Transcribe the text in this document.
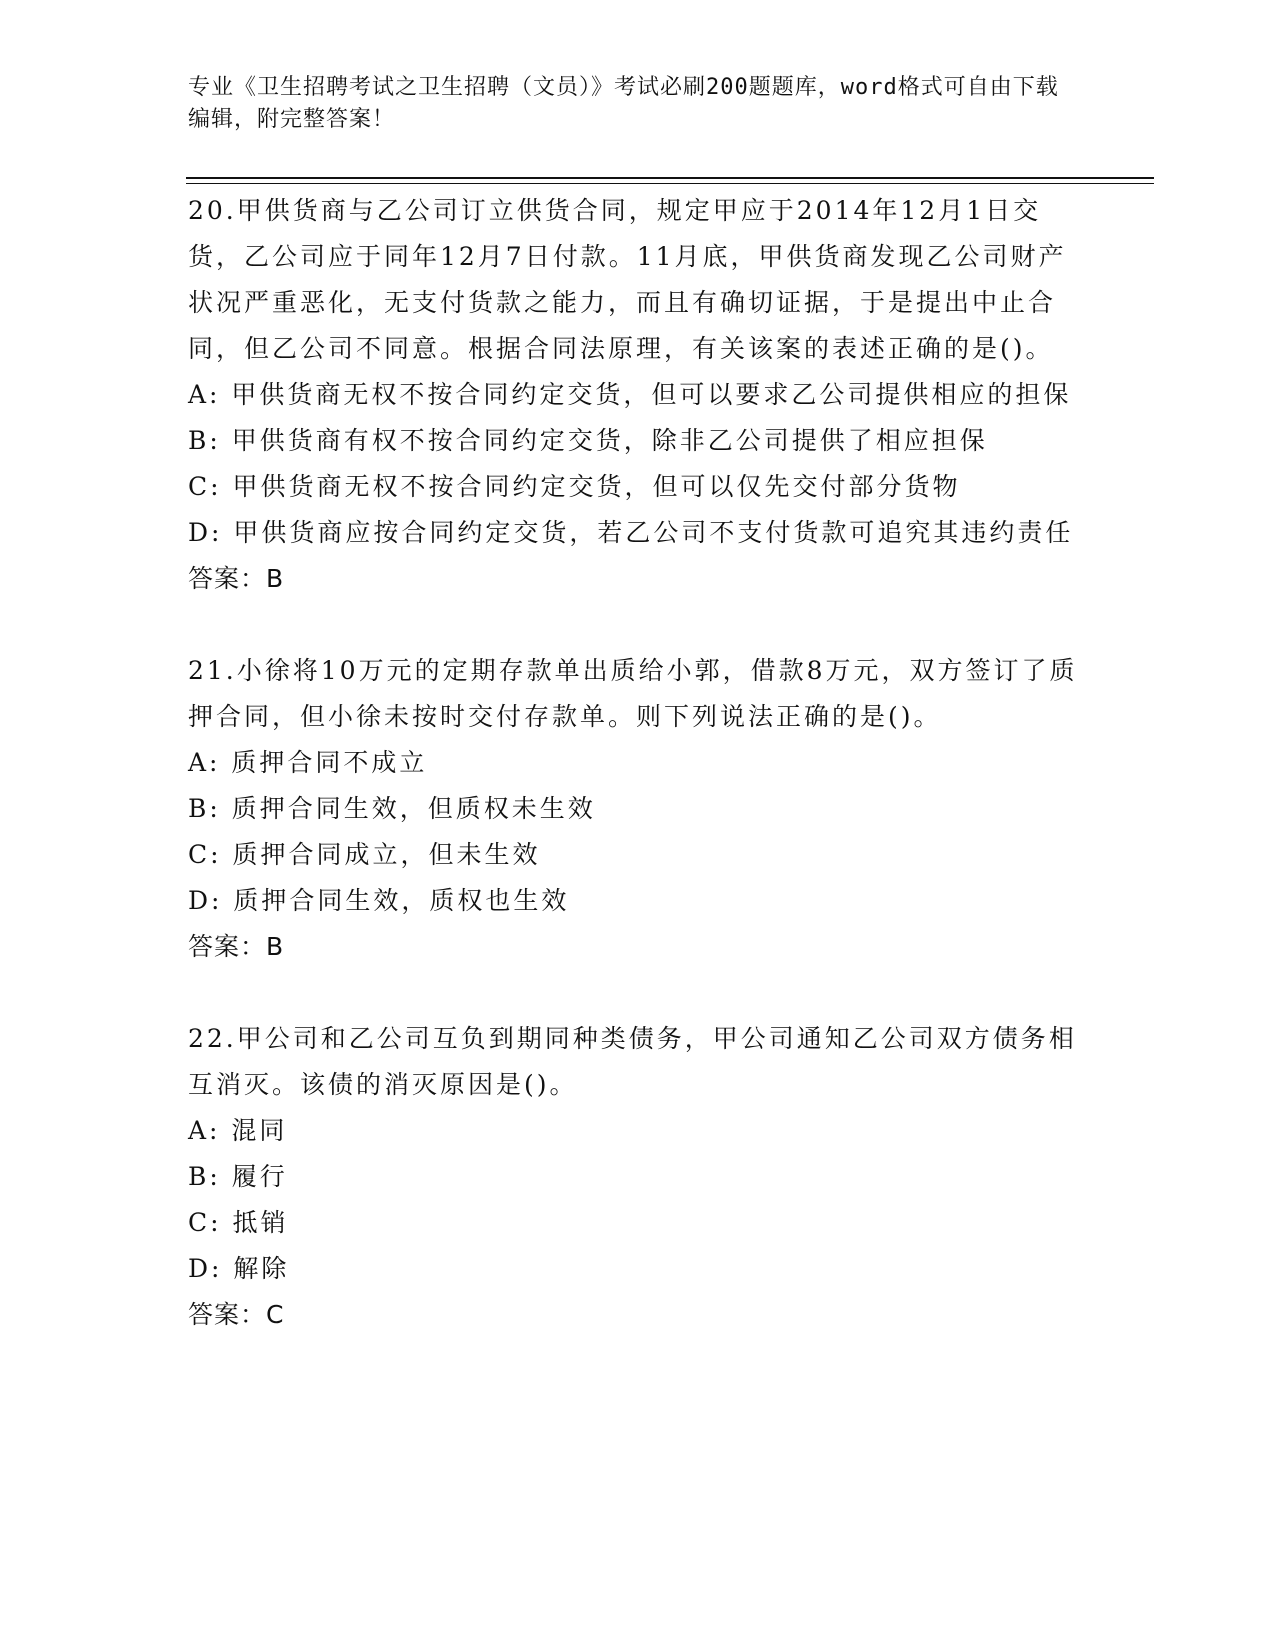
专业《卫生招聘考试之卫生招聘（文员）》考试必刷200题题库，word格式可自由下载编辑，附完整答案！

20.甲供货商与乙公司订立供货合同，规定甲应于2014年12月1日交货，乙公司应于同年12月7日付款。11月底，甲供货商发现乙公司财产状况严重恶化，无支付货款之能力，而且有确切证据，于是提出中止合同，但乙公司不同意。根据合同法原理，有关该案的表述正确的是()。

A: 甲供货商无权不按合同约定交货，但可以要求乙公司提供相应的担保

B: 甲供货商有权不按合同约定交货，除非乙公司提供了相应担保

C: 甲供货商无权不按合同约定交货，但可以仅先交付部分货物

D: 甲供货商应按合同约定交货，若乙公司不支付货款可追究其违约责任

答案：B

21.小徐将10万元的定期存款单出质给小郭，借款8万元，双方签订了质押合同，但小徐未按时交付存款单。则下列说法正确的是()。

A: 质押合同不成立

B: 质押合同生效，但质权未生效

C: 质押合同成立，但未生效

D: 质押合同生效，质权也生效

答案：B

22.甲公司和乙公司互负到期同种类债务，甲公司通知乙公司双方债务相互消灭。该债的消灭原因是()。

A: 混同

B: 履行

C: 抵销

D: 解除

答案：C
